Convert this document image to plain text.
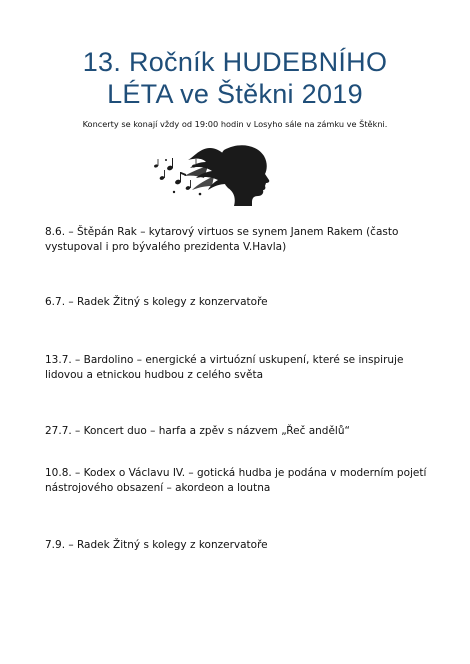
13. Ročník HUDEBNÍHO
LÉTA ve Štěkni 2019
Koncerty se konají vždy od 19:00 hodin v Losyho sále na zámku ve Štěkni.
8.6. – Štěpán Rak – kytarový virtuos se synem Janem Rakem (často
vystupoval i pro bývalého prezidenta V.Havla)
6.7. – Radek Žitný s kolegy z konzervatoře
13.7. – Bardolino – energické a virtuózní uskupení, které se inspiruje
lidovou a etnickou hudbou z celého světa
27.7. – Koncert duo – harfa a zpěv s názvem „Řeč andělů“
10.8. – Kodex o Václavu IV. – gotická hudba je podána v moderním pojetí
nástrojového obsazení – akordeon a loutna
7.9. – Radek Žitný s kolegy z konzervatoře
